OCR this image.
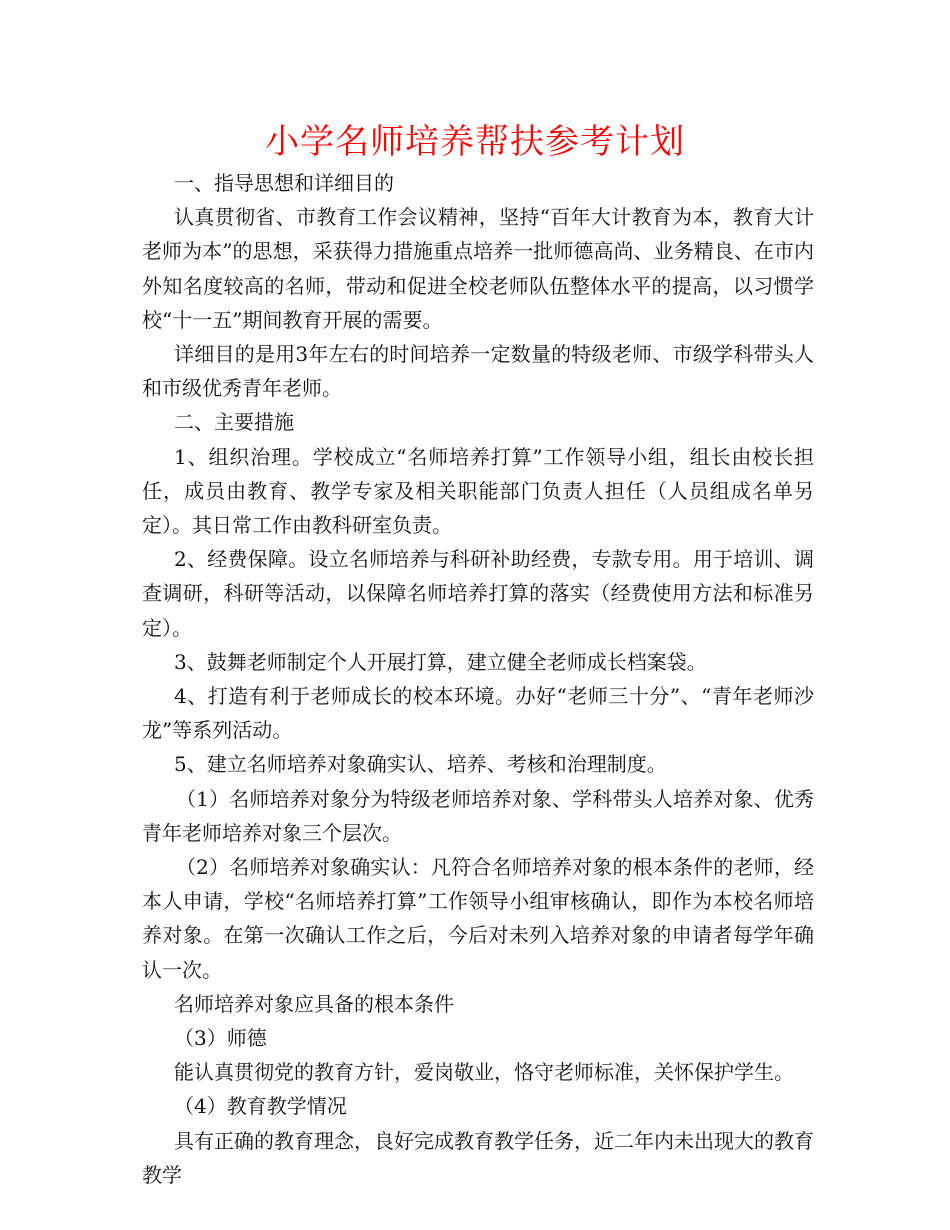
小学名师培养帮扶参考计划

一、指导思想和详细目的

认真贯彻省、市教育工作会议精神，坚持“百年大计教育为本，教育大计老师为本”的思想，采获得力措施重点培养一批师德高尚、业务精良、在市内外知名度较高的名师，带动和促进全校老师队伍整体水平的提高，以习惯学校“十一五”期间教育开展的需要。

详细目的是用3年左右的时间培养一定数量的特级老师、市级学科带头人和市级优秀青年老师。

二、主要措施

1、组织治理。学校成立“名师培养打算”工作领导小组，组长由校长担任，成员由教育、教学专家及相关职能部门负责人担任（人员组成名单另定）。其日常工作由教科研室负责。

2、经费保障。设立名师培养与科研补助经费，专款专用。用于培训、调查调研，科研等活动，以保障名师培养打算的落实（经费使用方法和标准另定）。

3、鼓舞老师制定个人开展打算，建立健全老师成长档案袋。

4、打造有利于老师成长的校本环境。办好“老师三十分”、“青年老师沙龙”等系列活动。

5、建立名师培养对象确实认、培养、考核和治理制度。

（1）名师培养对象分为特级老师培养对象、学科带头人培养对象、优秀青年老师培养对象三个层次。

（2）名师培养对象确实认：凡符合名师培养对象的根本条件的老师，经本人申请，学校“名师培养打算”工作领导小组审核确认，即作为本校名师培养对象。在第一次确认工作之后，今后对未列入培养对象的申请者每学年确认一次。

名师培养对象应具备的根本条件

（3）师德

能认真贯彻党的教育方针，爱岗敬业，恪守老师标准，关怀保护学生。

（4）教育教学情况

具有正确的教育理念，良好完成教育教学任务，近二年内未出现大的教育教学
